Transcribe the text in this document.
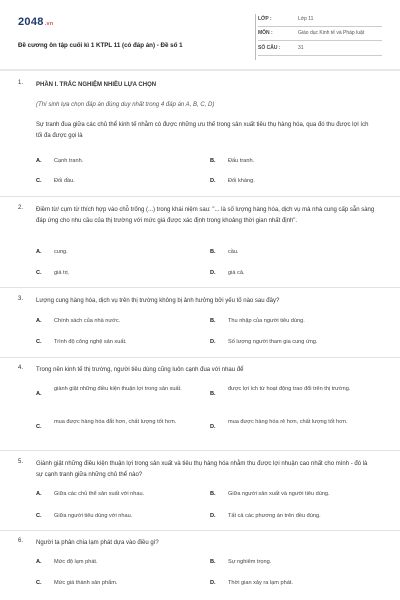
2048.vn
Đề cương ôn tập cuối kì 1 KTPL 11 (có đáp án) - Đề số 1
LỚP :	Lớp 11
MÔN :	Giáo dục Kinh tế và Pháp luật
SỐ CÂU :	31
1. PHẦN I. TRẮC NGHIỆM NHIỀU LỰA CHỌN
(Thí sinh lựa chọn đáp án đúng duy nhất trong 4 đáp án A, B, C, D)
Sự tranh đua giữa các chủ thể kinh tế nhằm có được những ưu thế trong sản xuất tiêu thụ hàng hóa, qua đó thu được lợi ích tối đa được gọi là
A. Cạnh tranh.	B. Đấu tranh.
C. Đối đầu.	D. Đối kháng.
2. Điềm từ/ cụm từ thích hợp vào chỗ trống (...) trong khái niệm sau: "... là số lượng hàng hóa, dịch vụ mà nhà cung cấp sẵn sàng đáp ứng cho nhu cầu của thị trường với mức giá được xác định trong khoảng thời gian nhất định".
A. cung.	B. cầu.
C. giá trị.	D. giá cả.
3. Lượng cung hàng hóa, dịch vụ trên thị trường không bị ảnh hưởng bởi yếu tố nào sau đây?
A. Chính sách của nhà nước.	B. Thu nhập của người tiêu dùng.
C. Trình độ công nghệ sản xuất.	D. Số lượng người tham gia cung ứng.
4. Trong nền kinh tế thị trường, người tiêu dùng cũng luôn cạnh đua với nhau để
A.
giành giật những điều kiện thuận lợi trong sản xuất.
B.
được lợi ích từ hoạt động trao đổi trên thị trường.
C.
mua được hàng hóa đắt hơn, chất lượng tốt hơn.
D.
mua được hàng hóa rẻ hơn, chất lượng tốt hơn.
5. Giành giật những điều kiện thuận lợi trong sản xuất và tiêu thụ hàng hóa nhằm thu được lợi nhuận cao nhất cho mình - đó là sự cạnh tranh giữa những chủ thể nào?
A. Giữa các chủ thể sản xuất với nhau.	B. Giữa người sản xuất và người tiêu dùng.
C. Giữa người tiêu dùng với nhau.	D. Tất cả các phương án trên đều đúng.
6. Người ta phân chia lạm phát dựa vào điều gì?
A. Mức độ lạm phát.	B. Sự nghiêm trọng.
C. Mức giá thành sản phẩm.	D. Thời gian xảy ra lạm phát.
